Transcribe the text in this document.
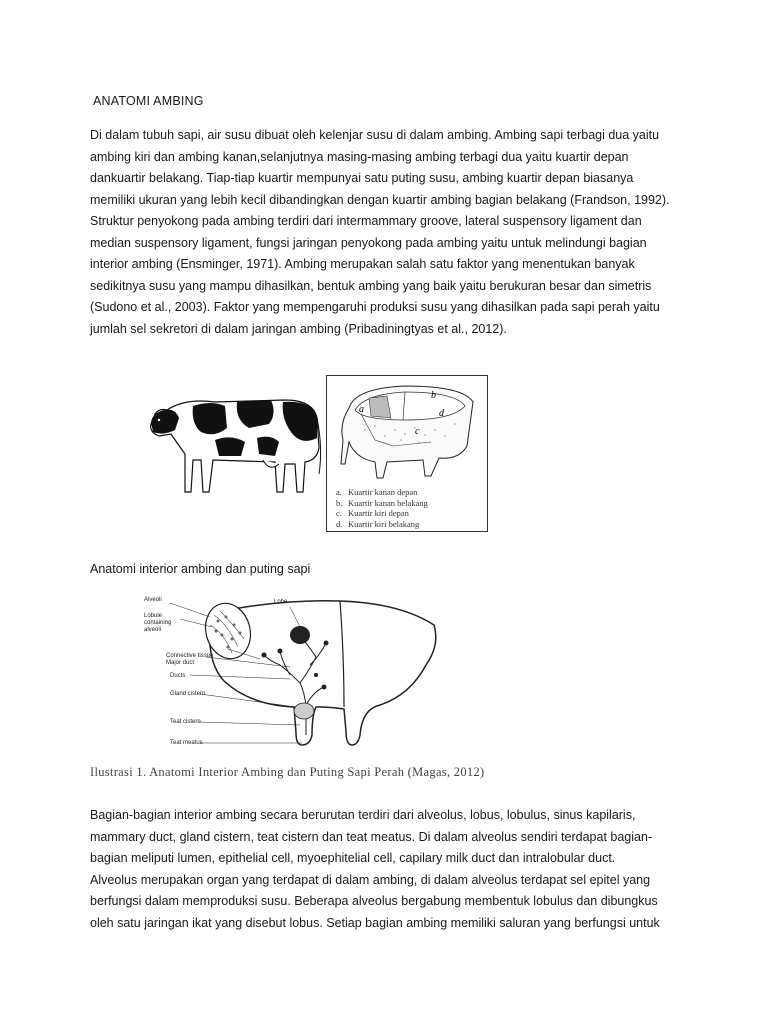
ANATOMI AMBING
Di dalam tubuh sapi, air susu dibuat oleh kelenjar susu di dalam ambing. Ambing sapi terbagi dua yaitu
ambing kiri dan ambing kanan,selanjutnya masing-masing ambing terbagi dua yaitu kuartir depan
dankuartir belakang. Tiap-tiap kuartir mempunyai satu puting susu, ambing kuartir depan biasanya
memiliki ukuran yang lebih kecil dibandingkan dengan kuartir ambing bagian belakang (Frandson, 1992).
Struktur penyokong pada ambing terdiri dari intermammary groove, lateral suspensory ligament dan
median suspensory ligament, fungsi jaringan penyokong pada ambing yaitu untuk melindungi bagian
interior ambing (Ensminger, 1971). Ambing merupakan salah satu faktor yang menentukan banyak
sedikitnya susu yang mampu dihasilkan, bentuk ambing yang baik yaitu berukuran besar dan simetris
(Sudono et al., 2003). Faktor yang mempengaruhi produksi susu yang dihasilkan pada sapi perah yaitu
jumlah sel sekretori di dalam jaringan ambing (Pribadiningtyas et al., 2012).
a
b
c
d
a. Kuartir kanan depan
b. Kuartir kanan belakang
c. Kuartir kiri depan
d. Kuartir kiri belakang
Anatomi interior ambing dan puting sapi
Alveoli
Lobule
containing
alveoli
Lobe
Connective tissue
Major duct
Ducts
Gland cistern
Teat cistern
Teat meatus
Ilustrasi 1. Anatomi Interior Ambing dan Puting Sapi Perah (Magas, 2012)
Bagian-bagian interior ambing secara berurutan terdiri dari alveolus, lobus, lobulus, sinus kapilaris,
mammary duct, gland cistern, teat cistern dan teat meatus. Di dalam alveolus sendiri terdapat bagian-
bagian meliputi lumen, epithelial cell, myoephitelial cell, capilary milk duct dan intralobular duct.
Alveolus merupakan organ yang terdapat di dalam ambing, di dalam alveolus terdapat sel epitel yang
berfungsi dalam memproduksi susu. Beberapa alveolus bergabung membentuk lobulus dan dibungkus
oleh satu jaringan ikat yang disebut lobus. Setiap bagian ambing memiliki saluran yang berfungsi untuk
